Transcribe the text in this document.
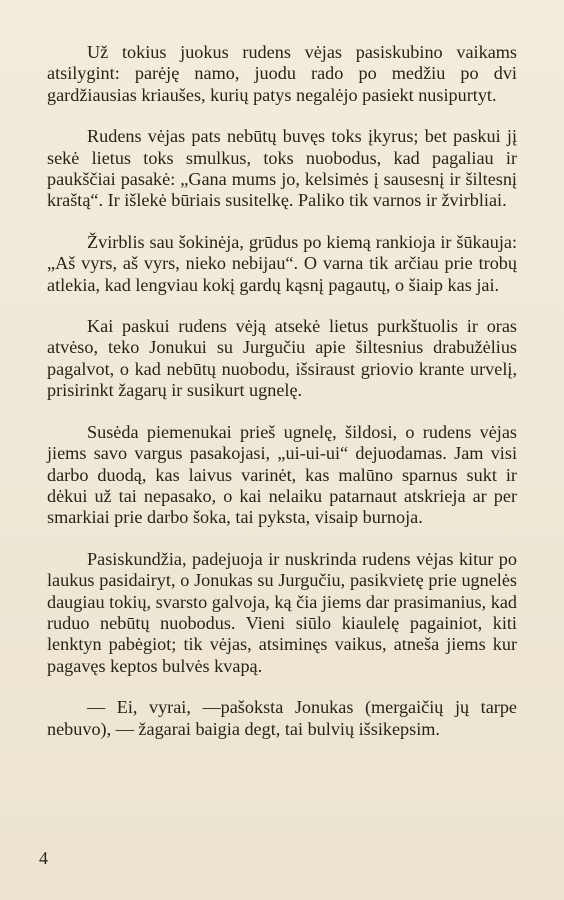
Už tokius juokus rudens vėjas pasiskubino vaikams atsilygint: parėję namo, juodu rado po medžiu po dvi gardžiausias kriaušes, kurių patys negalėjo pasiekt nusipurtyt.

Rudens vėjas pats nebūtų buvęs toks įkyrus; bet paskui jį sekė lietus toks smulkus, toks nuobodus, kad pagaliau ir paukščiai pasakė: „Gana mums jo, kelsimės į sausesnį ir šiltesnį kraštą“. Ir išlekė būriais susitelkę. Paliko tik varnos ir žvirbliai.

Žvirblis sau šokinėja, grūdus po kiemą rankioja ir šūkauja: „Aš vyrs, aš vyrs, nieko nebijau“. O varna tik arčiau prie trobų atlekia, kad lengviau kokį gardų kąsnį pagautų, o šiaip kas jai.

Kai paskui rudens vėją atsekė lietus purkštuolis ir oras atvėso, teko Jonukui su Jurgučiu apie šiltesnius drabužėlius pagalvot, o kad nebūtų nuobodu, išsiraust griovio krante urvelį, prisirinkt žagarų ir susikurt ugnelę.

Susėda piemenukai prieš ugnelę, šildosi, o rudens vėjas jiems savo vargus pasakojasi, „ui-ui-ui“ dejuodamas. Jam visi darbo duodą, kas laivus varinėt, kas malūno sparnus sukt ir dėkui už tai nepasako, o kai nelaiku patarnaut atskrieja ar per smarkiai prie darbo šoka, tai pyksta, visaip burnoja.

Pasiskundžia, padejuoja ir nuskrinda rudens vėjas kitur po laukus pasidairyt, o Jonukas su Jurgučiu, pasikvietę prie ugnelės daugiau tokių, svarsto galvoja, ką čia jiems dar prasimanius, kad ruduo nebūtų nuobodus. Vieni siūlo kiaulelę pagainiot, kiti lenktyn pabėgiot; tik vėjas, atsiminęs vaikus, atneša jiems kur pagavęs keptos bulvės kvapą.

— Ei, vyrai, —pašoksta Jonukas (mergaičių jų tarpe nebuvo), — žagarai baigia degt, tai bulvių išsikepsim.

4
